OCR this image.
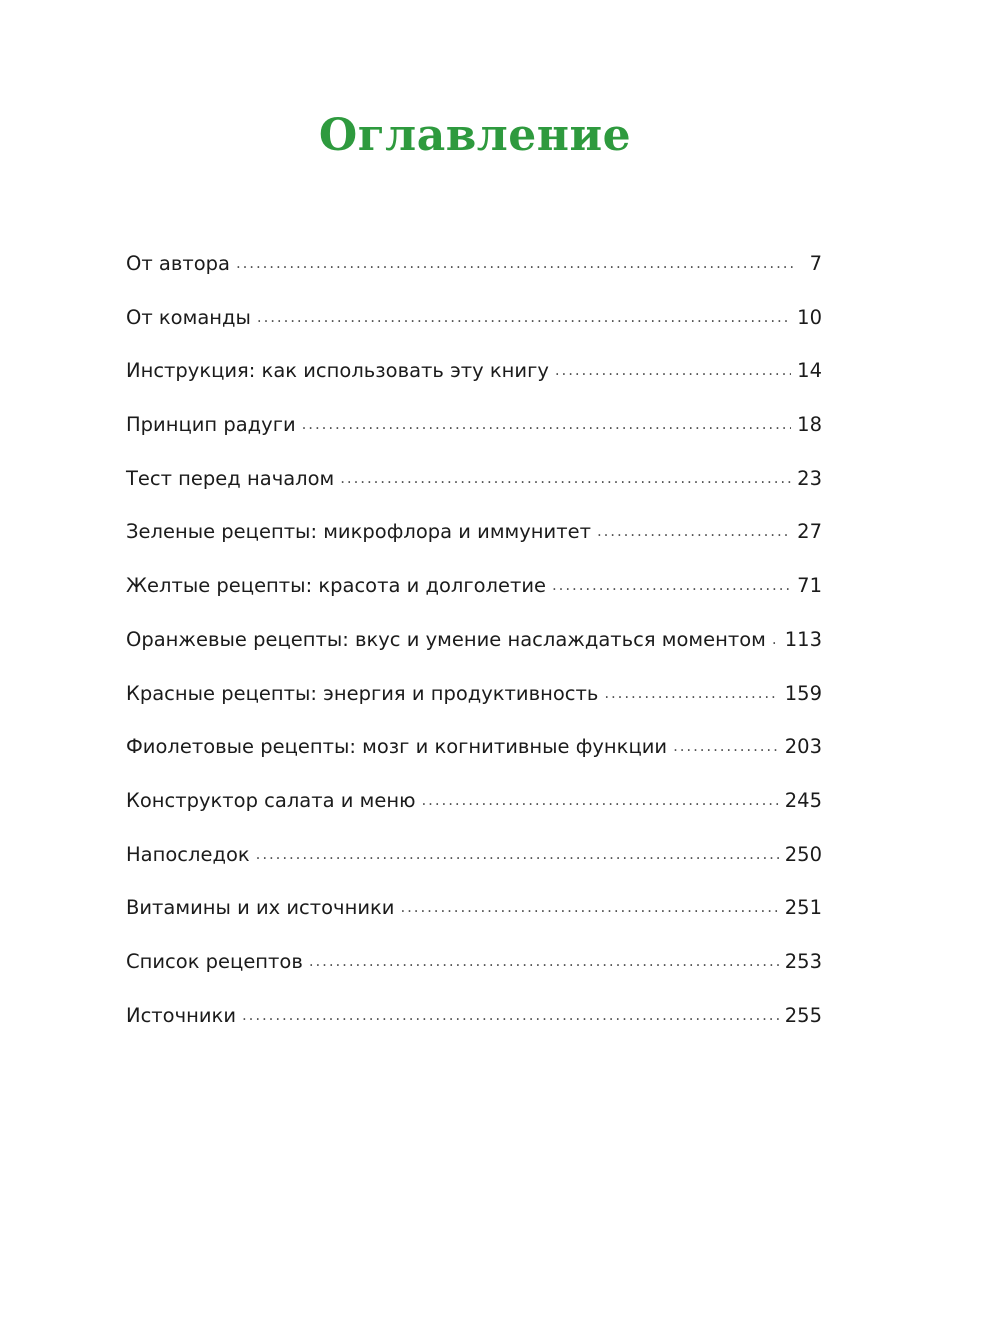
Оглавление
От автора .....	7
От команды .....	10
Инструкция: как использовать эту книгу .....	14
Принцип радуги .....	18
Тест перед началом .....	23
Зеленые рецепты: микрофлора и иммунитет .....	27
Желтые рецепты: красота и долголетие .....	71
Оранжевые рецепты: вкус и умение наслаждаться моментом ..... 113
Красные рецепты: энергия и продуктивность .....	159
Фиолетовые рецепты: мозг и когнитивные функции .....	203
Конструктор салата и меню .....	245
Напоследок .....	250
Витамины и их источники .....	251
Список рецептов .....	253
Источники .....	255
